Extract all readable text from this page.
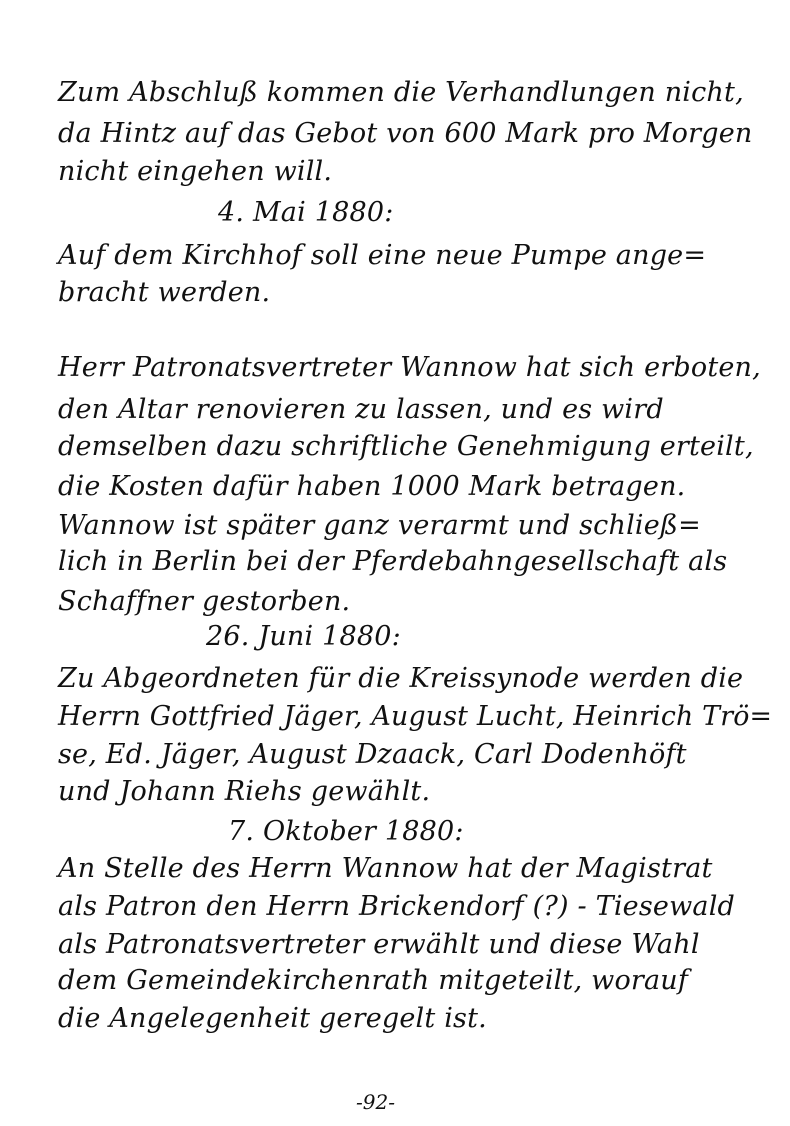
Zum Abschluß kommen die Verhandlungen nicht,
da Hintz auf das Gebot von 600 Mark pro Morgen
nicht eingehen will.
4. Mai 1880:
Auf dem Kirchhof soll eine neue Pumpe ange=
bracht werden.
Herr Patronatsvertreter Wannow hat sich erboten,
den Altar renovieren zu lassen, und es wird
demselben dazu schriftliche Genehmigung erteilt,
die Kosten dafür haben 1000 Mark betragen.
Wannow ist später ganz verarmt und schließ=
lich in Berlin bei der Pferdebahngesellschaft als
Schaffner gestorben.
26. Juni 1880:
Zu Abgeordneten für die Kreissynode werden die
Herrn Gottfried Jäger, August Lucht, Heinrich Trö=
se, Ed. Jäger, August Dzaack, Carl Dodenhöft
und Johann Riehs gewählt.
7. Oktober 1880:
An Stelle des Herrn Wannow hat der Magistrat
als Patron den Herrn Brickendorf (?) - Tiesewald
als Patronatsvertreter erwählt und diese Wahl
dem Gemeindekirchenrath mitgeteilt, worauf
die Angelegenheit geregelt ist.
-92-
